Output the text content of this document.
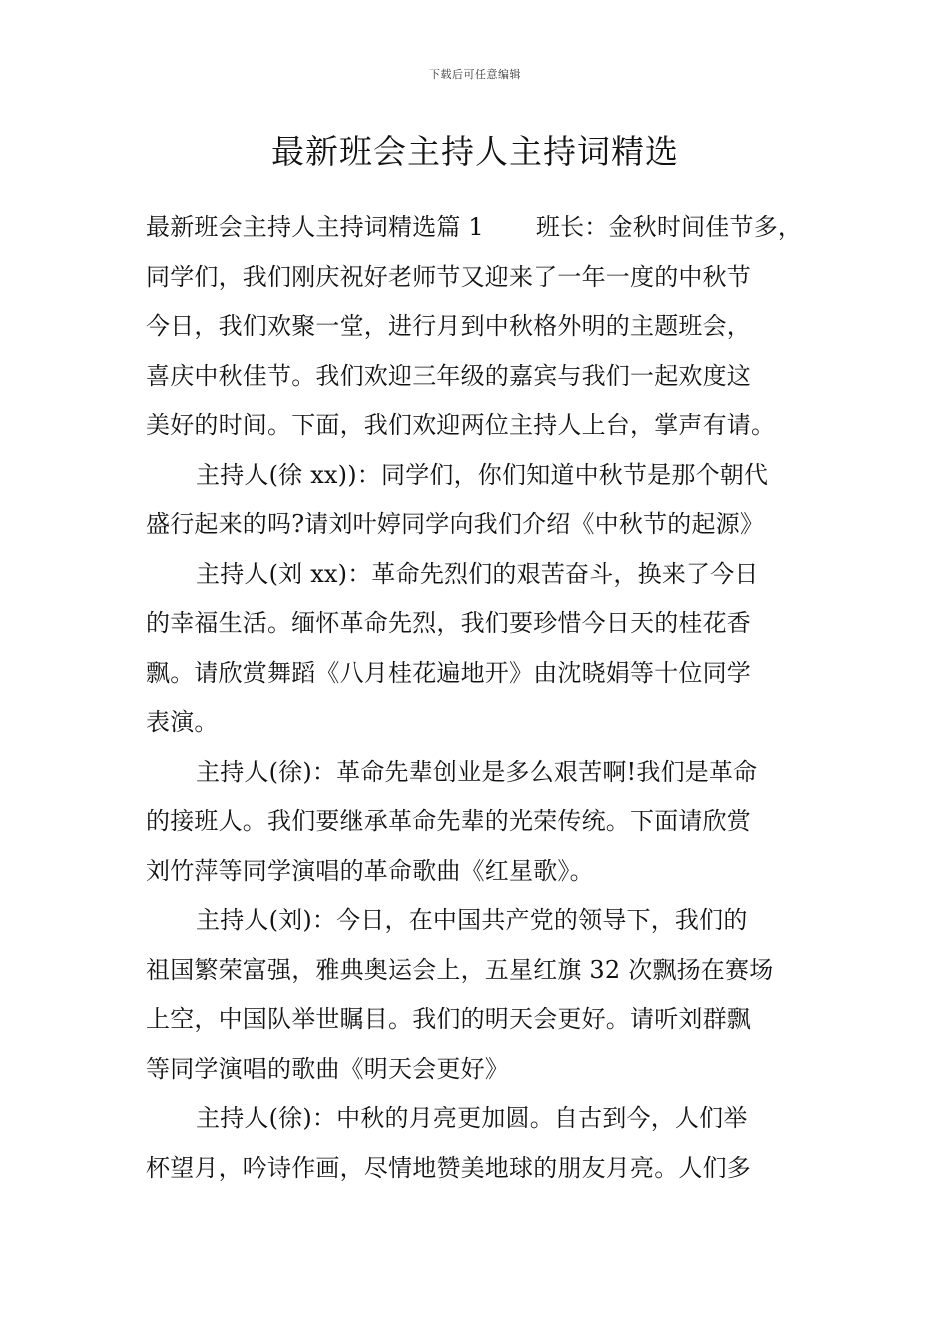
下载后可任意编辑
最新班会主持人主持词精选
最新班会主持人主持词精选篇 1 班长：金秋时间佳节多，
同学们，我们刚庆祝好老师节又迎来了一年一度的中秋节
今日，我们欢聚一堂，进行月到中秋格外明的主题班会，
喜庆中秋佳节。我们欢迎三年级的嘉宾与我们一起欢度这
美好的时间。下面，我们欢迎两位主持人上台，掌声有请。
主持人(徐 xx))：同学们，你们知道中秋节是那个朝代
盛行起来的吗?请刘叶婷同学向我们介绍《中秋节的起源》
主持人(刘 xx)：革命先烈们的艰苦奋斗，换来了今日
的幸福生活。缅怀革命先烈，我们要珍惜今日天的桂花香
飘。请欣赏舞蹈《八月桂花遍地开》由沈晓娟等十位同学
表演。
主持人(徐)：革命先辈创业是多么艰苦啊!我们是革命
的接班人。我们要继承革命先辈的光荣传统。下面请欣赏
刘竹萍等同学演唱的革命歌曲《红星歌》。
主持人(刘)：今日，在中国共产党的领导下，我们的
祖国繁荣富强，雅典奥运会上，五星红旗 32 次飘扬在赛场
上空，中国队举世瞩目。我们的明天会更好。请听刘群飘
等同学演唱的歌曲《明天会更好》
主持人(徐)：中秋的月亮更加圆。自古到今，人们举
杯望月，吟诗作画，尽情地赞美地球的朋友月亮。人们多
